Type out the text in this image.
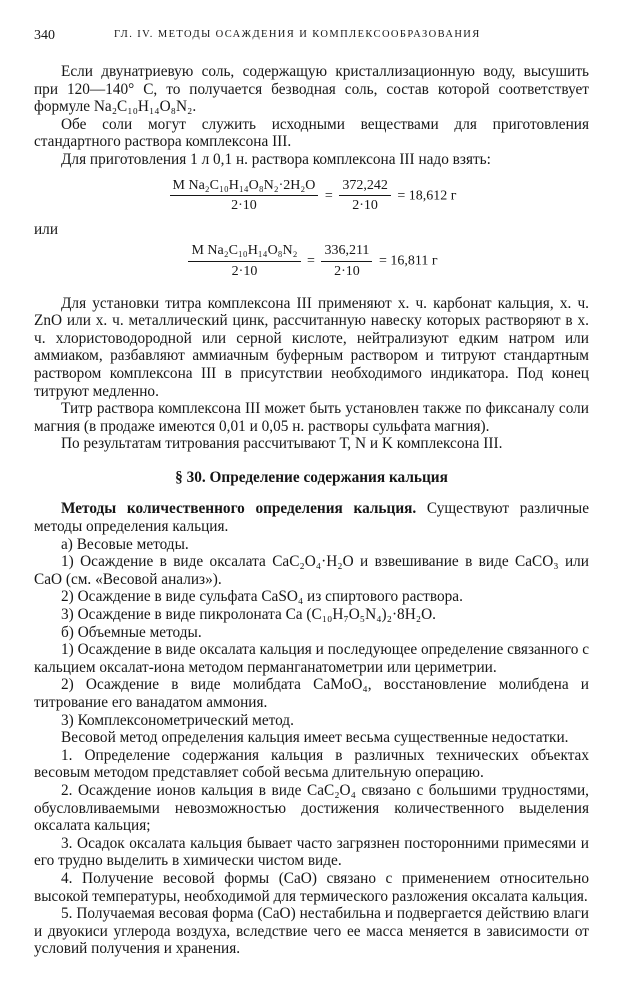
340	ГЛ. IV. МЕТОДЫ ОСАЖДЕНИЯ И КОМПЛЕКСООБРАЗОВАНИЯ

Если двунатриевую соль, содержащую кристаллизационную воду, высушить при 120—140° С, то получается безводная соль, состав которой соответствует формуле Na₂C₁₀H₁₄O₈N₂.

Обе соли могут служить исходными веществами для приготовления стандартного раствора комплексона III.

Для приготовления 1 л 0,1 н. раствора комплексона III надо взять:

$\frac{\text{M Na₂C₁₀H₁₄O₈N₂·2H₂O}}{2\cdot 10} = \frac{372,242}{2\cdot 10} = 18,612$ г

или

$\frac{\text{M Na₂C₁₀H₁₄O₈N₂}}{2\cdot 10} = \frac{336,211}{2\cdot 10} = 16,811$ г

Для установки титра комплексона III применяют х. ч. карбонат кальция, х. ч. ZnO или х. ч. металлический цинк, рассчитанную навеску которых растворяют в х. ч. хлористоводородной или серной кислоте, нейтрализуют едким натром или аммиаком, разбавляют аммиачным буферным раствором и титруют стандартным раствором комплексона III в присутствии необходимого индикатора. Под конец титруют медленно.

Титр раствора комплексона III может быть установлен также по фиксаналу соли магния (в продаже имеются 0,01 и 0,05 н. растворы сульфата магния).

По результатам титрования рассчитывают Т, N и K комплексона III.

§ 30. Определение содержания кальция

Методы количественного определения кальция. Существуют различные методы определения кальция.

а) Весовые методы.

1) Осаждение в виде оксалата CaC₂O₄·H₂O и взвешивание в виде CaCO₃ или CaO (см. «Весовой анализ»).

2) Осаждение в виде сульфата CaSO₄ из спиртового раствора.

3) Осаждение в виде пикролоната Ca (C₁₀H₇O₅N₄)₂·8H₂O.

б) Объемные методы.

1) Осаждение в виде оксалата кальция и последующее определение связанного с кальцием оксалат-иона методом перманганатометрии или цериметрии.

2) Осаждение в виде молибдата CaMoO₄, восстановление молибдена и титрование его ванадатом аммония.

3) Комплексонометрический метод.

Весовой метод определения кальция имеет весьма существенные недостатки.

1. Определение содержания кальция в различных технических объектах весовым методом представляет собой весьма длительную операцию.

2. Осаждение ионов кальция в виде CaC₂O₄ связано с большими трудностями, обусловливаемыми невозможностью достижения количественного выделения оксалата кальция;

3. Осадок оксалата кальция бывает часто загрязнен посторонними примесями и его трудно выделить в химически чистом виде.

4. Получение весовой формы (CaO) связано с применением относительно высокой температуры, необходимой для термического разложения оксалата кальция.

5. Получаемая весовая форма (CaO) нестабильна и подвергается действию влаги и двуокиси углерода воздуха, вследствие чего ее масса меняется в зависимости от условий получения и хранения.
